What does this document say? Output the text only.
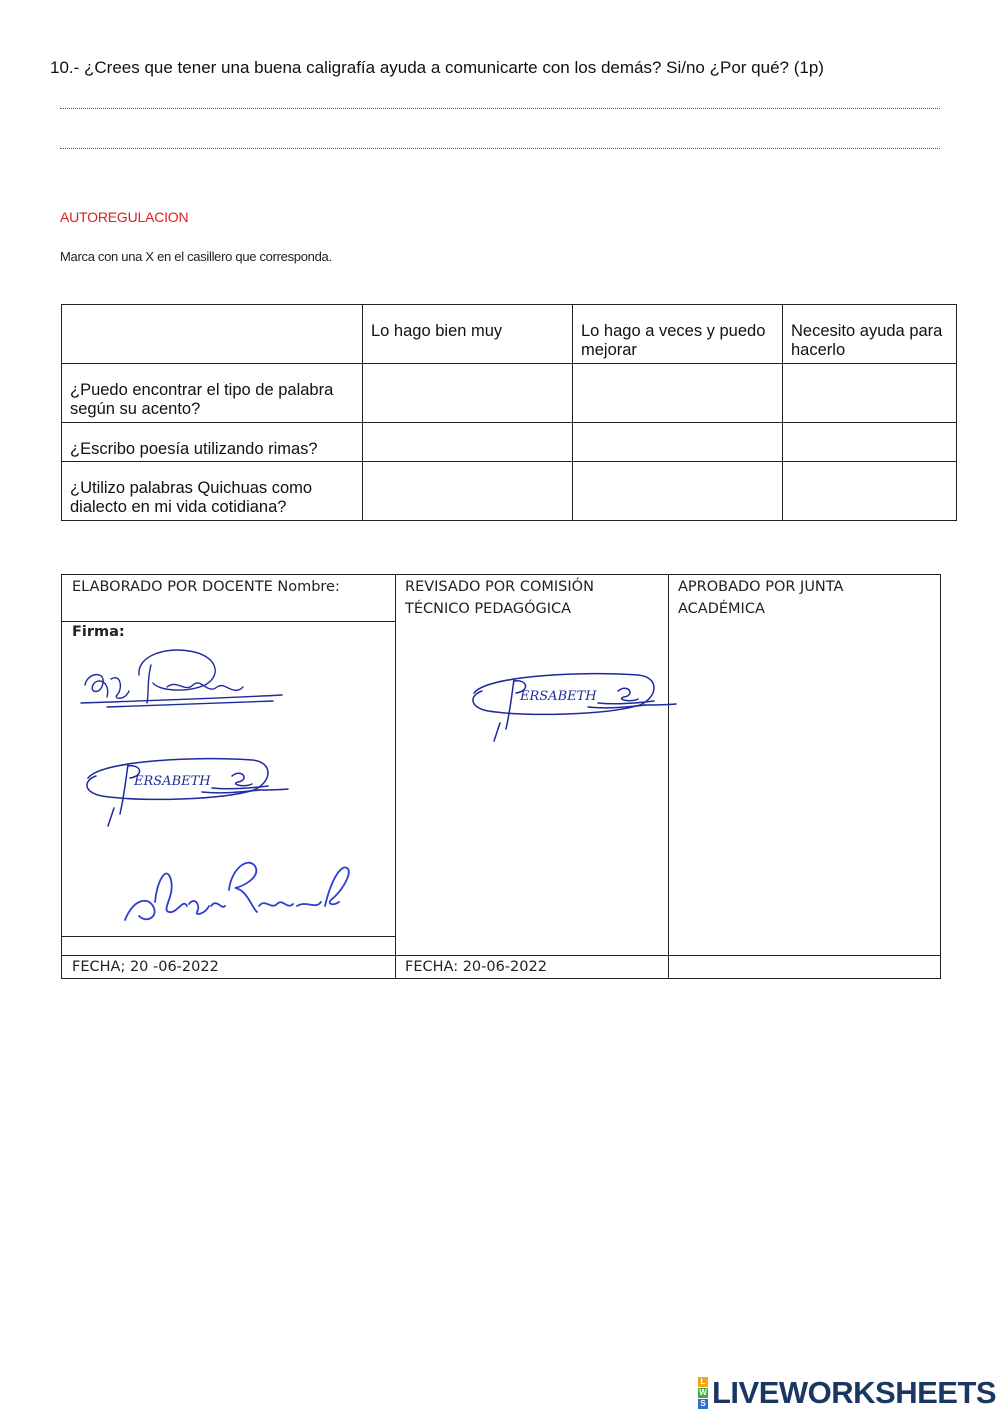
10.- ¿Crees que tener una buena caligrafía ayuda a comunicarte con los demás? Si/no ¿Por qué? (1p)
AUTOREGULACION
Marca con una X en el casillero que corresponda.
	Lo hago bien muy	Lo hago a veces y puedo mejorar	Necesito ayuda para hacerlo
¿Puedo encontrar el tipo de palabra según su acento?			
¿Escribo poesía utilizando rimas?			
¿Utilizo palabras Quichuas como dialecto en mi vida cotidiana?			
ELABORADO POR DOCENTE Nombre:
Firma:
REVISADO POR COMISIÓN TÉCNICO PEDAGÓGICA
APROBADO POR JUNTA ACADÉMICA
FECHA; 20 -06-2022	FECHA: 20-06-2022
ERSABETH
ERSABETH
L
W
S LIVEWORKSHEETS
